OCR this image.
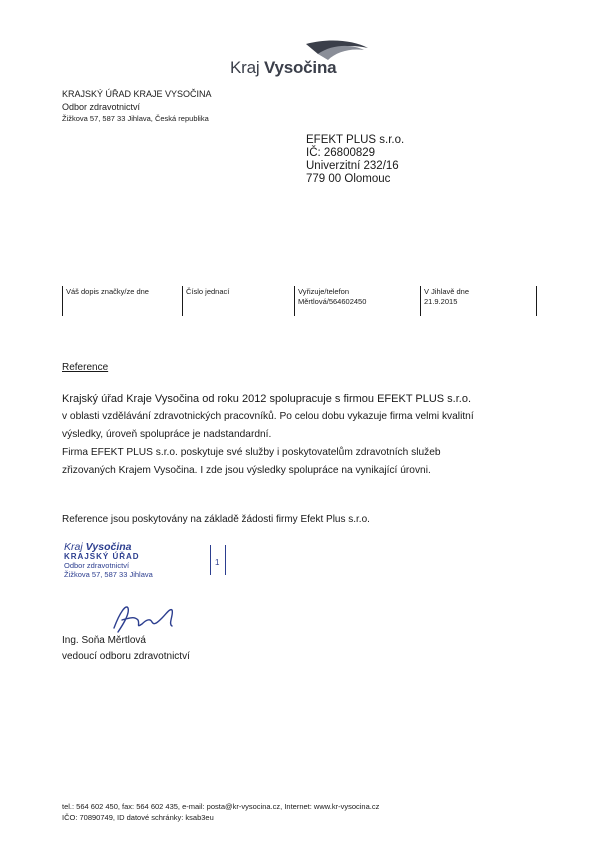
Kraj Vysočina
KRAJSKÝ ÚŘAD KRAJE VYSOČINA
Odbor zdravotnictví
Žižkova 57, 587 33 Jihlava, Česká republika
EFEKT PLUS s.r.o.
IČ: 26800829
Univerzitní 232/16
779 00 Olomouc
Váš dopis značky/ze dne	Číslo jednací	Vyřizuje/telefon
Měrtlová/564602450
V Jihlavě dne
21.9.2015
Reference

Krajský úřad Kraje Vysočina od roku 2012 spolupracuje s firmou EFEKT PLUS s.r.o.

v oblasti vzdělávání zdravotnických pracovníků. Po celou dobu vykazuje firma velmi kvalitní

výsledky, úroveň spolupráce je nadstandardní.

Firma EFEKT PLUS s.r.o. poskytuje své služby i poskytovatelům zdravotních služeb

zřizovaných Krajem Vysočina. I zde jsou výsledky spolupráce na vynikající úrovni.

Reference jsou poskytovány na základě žádosti firmy Efekt Plus s.r.o.
Kraj Vysočina
KRAJSKÝ ÚŘAD
Odbor zdravotnictví
Žižkova 57, 587 33 Jihlava
1
Ing. Soňa Měrtlová
vedoucí odboru zdravotnictví
tel.: 564 602 450, fax: 564 602 435, e-mail: posta@kr-vysocina.cz, Internet: www.kr-vysocina.cz
IČO: 70890749, ID datové schránky: ksab3eu
